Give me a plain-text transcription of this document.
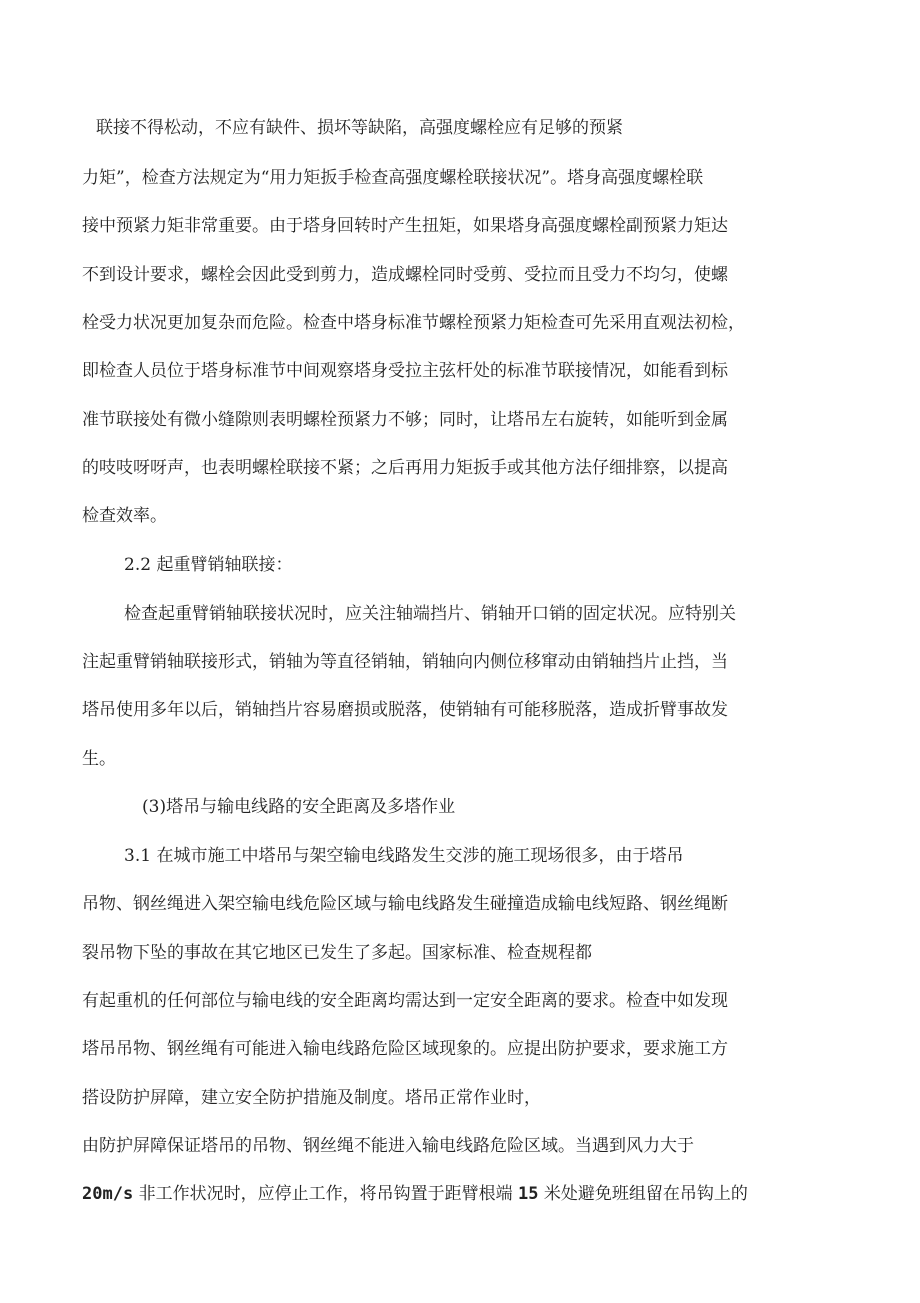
联接不得松动，不应有缺件、损坏等缺陷，高强度螺栓应有足够的预紧
力矩”，检查方法规定为“用力矩扳手检查高强度螺栓联接状况”。塔身高强度螺栓联
接中预紧力矩非常重要。由于塔身回转时产生扭矩，如果塔身高强度螺栓副预紧力矩达
不到设计要求，螺栓会因此受到剪力，造成螺栓同时受剪、受拉而且受力不均匀，使螺
栓受力状况更加复杂而危险。检查中塔身标准节螺栓预紧力矩检查可先采用直观法初检，
即检查人员位于塔身标准节中间观察塔身受拉主弦杆处的标准节联接情况，如能看到标
准节联接处有微小缝隙则表明螺栓预紧力不够；同时，让塔吊左右旋转，如能听到金属
的吱吱呀呀声，也表明螺栓联接不紧；之后再用力矩扳手或其他方法仔细排察，以提高
检查效率。
2.2 起重臂销轴联接：
检查起重臂销轴联接状况时，应关注轴端挡片、销轴开口销的固定状况。应特别关
注起重臂销轴联接形式，销轴为等直径销轴，销轴向内侧位移窜动由销轴挡片止挡，当
塔吊使用多年以后，销轴挡片容易磨损或脱落，使销轴有可能移脱落，造成折臂事故发
生。
(3)塔吊与输电线路的安全距离及多塔作业
3.1 在城市施工中塔吊与架空输电线路发生交涉的施工现场很多，由于塔吊
吊物、钢丝绳进入架空输电线危险区域与输电线路发生碰撞造成输电线短路、钢丝绳断
裂吊物下坠的事故在其它地区已发生了多起。国家标准、检查规程都
有起重机的任何部位与输电线的安全距离均需达到一定安全距离的要求。检查中如发现
塔吊吊物、钢丝绳有可能进入输电线路危险区域现象的。应提出防护要求，要求施工方
搭设防护屏障，建立安全防护措施及制度。塔吊正常作业时，
由防护屏障保证塔吊的吊物、钢丝绳不能进入输电线路危险区域。当遇到风力大于
20m/s 非工作状况时，应停止工作，将吊钩置于距臂根端 15 米处避免班组留在吊钩上的
